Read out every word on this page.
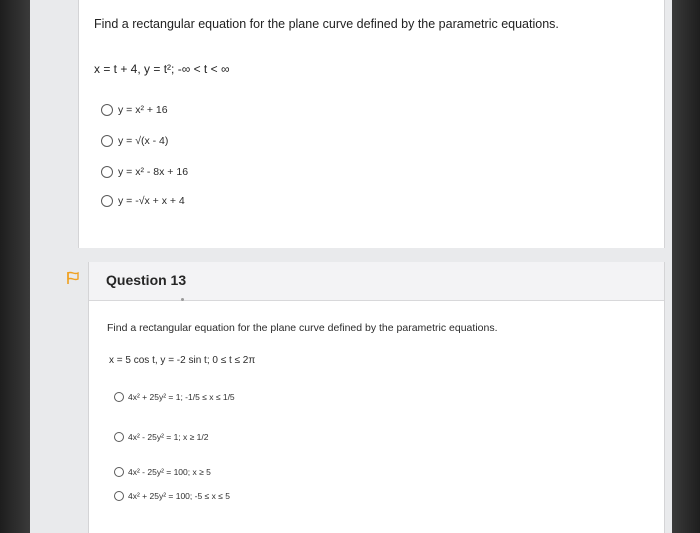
Find a rectangular equation for the plane curve defined by the parametric equations.
x = t + 4, y = t²; -∞ < t < ∞
y = x² + 16
y = √(x - 4)
y = x² - 8x + 16
y = -√x + x + 4
Question 13
Find a rectangular equation for the plane curve defined by the parametric equations.
x = 5 cos t, y = -2 sin t; 0 ≤ t ≤ 2π
4x² + 25y² = 1; -1/5 ≤ x ≤ 1/5
4x² - 25y² = 1; x ≥ 1/2
4x² - 25y² = 100; x ≥ 5
4x² + 25y² = 100; -5 ≤ x ≤ 5
